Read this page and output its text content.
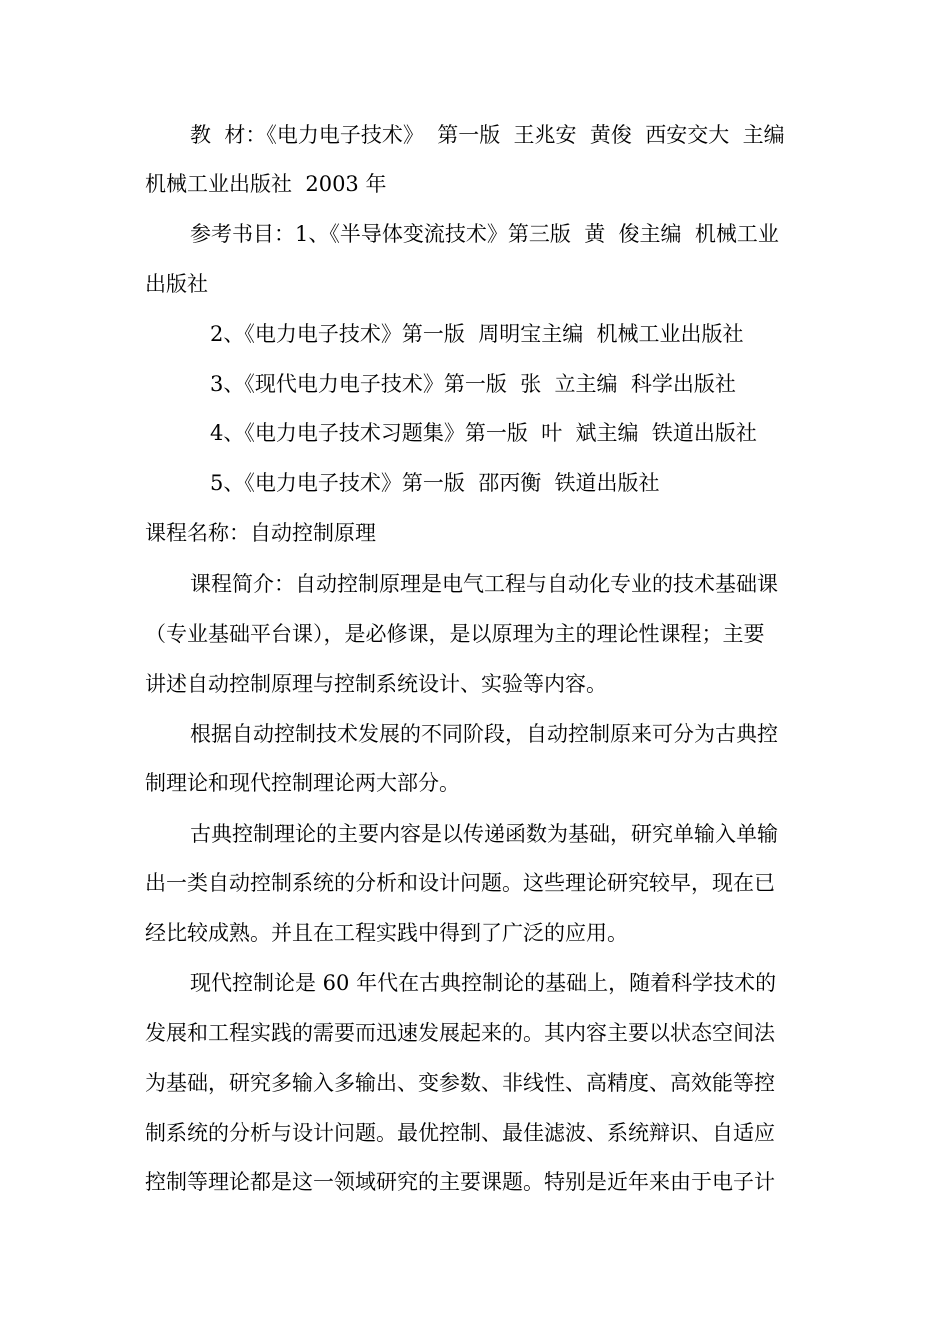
教  材：《电力电子技术》  第一版  王兆安  黄俊  西安交大  主编
机械工业出版社  2003 年
参考书目：1、《半导体变流技术》第三版  黄  俊主编  机械工业
出版社
2、《电力电子技术》第一版  周明宝主编  机械工业出版社
3、《现代电力电子技术》第一版  张  立主编  科学出版社
4、《电力电子技术习题集》第一版  叶  斌主编  铁道出版社
5、《电力电子技术》第一版  邵丙衡  铁道出版社
课程名称：自动控制原理
课程简介：自动控制原理是电气工程与自动化专业的技术基础课
（专业基础平台课），是必修课，是以原理为主的理论性课程；主要
讲述自动控制原理与控制系统设计、实验等内容。
根据自动控制技术发展的不同阶段，自动控制原来可分为古典控
制理论和现代控制理论两大部分。
古典控制理论的主要内容是以传递函数为基础，研究单输入单输
出一类自动控制系统的分析和设计问题。这些理论研究较早，现在已
经比较成熟。并且在工程实践中得到了广泛的应用。
现代控制论是 60 年代在古典控制论的基础上，随着科学技术的
发展和工程实践的需要而迅速发展起来的。其内容主要以状态空间法
为基础，研究多输入多输出、变参数、非线性、高精度、高效能等控
制系统的分析与设计问题。最优控制、最佳滤波、系统辩识、自适应
控制等理论都是这一领域研究的主要课题。特别是近年来由于电子计
